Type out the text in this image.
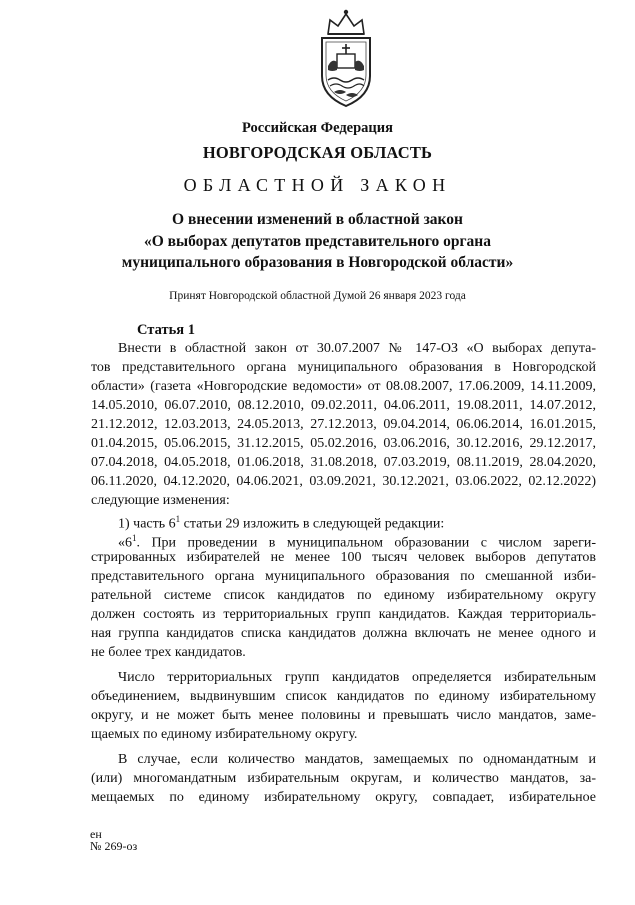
Российская Федерация
НОВГОРОДСКАЯ ОБЛАСТЬ
ОБЛАСТНОЙ ЗАКОН
О внесении изменений в областной закон
«О выборах депутатов представительного органа
муниципального образования в Новгородской области»
Принят Новгородской областной Думой 26 января 2023 года
Статья 1
Внести в областной закон от 30.07.2007 № 147-ОЗ «О выборах депута-
тов представительного органа муниципального образования в Новгородской
области» (газета «Новгородские ведомости» от 08.08.2007, 17.06.2009, 14.11.2009,
14.05.2010, 06.07.2010, 08.12.2010, 09.02.2011, 04.06.2011, 19.08.2011, 14.07.2012,
21.12.2012, 12.03.2013, 24.05.2013, 27.12.2013, 09.04.2014, 06.06.2014, 16.01.2015,
01.04.2015, 05.06.2015, 31.12.2015, 05.02.2016, 03.06.2016, 30.12.2016, 29.12.2017,
07.04.2018, 04.05.2018, 01.06.2018, 31.08.2018, 07.03.2019, 08.11.2019, 28.04.2020,
06.11.2020, 04.12.2020, 04.06.2021, 03.09.2021, 30.12.2021, 03.06.2022, 02.12.2022)
следующие изменения:
1) часть $6^1$ статьи 29 изложить в следующей редакции:
«$6^1$. При проведении в муниципальном образовании с числом зареги-
стрированных избирателей не менее 100 тысяч человек выборов депутатов
представительного органа муниципального образования по смешанной изби-
рательной системе список кандидатов по единому избирательному округу
должен состоять из территориальных групп кандидатов. Каждая территориаль-
ная группа кандидатов списка кандидатов должна включать не менее одного и
не более трех кандидатов.
Число территориальных групп кандидатов определяется избирательным
объединением, выдвинувшим список кандидатов по единому избирательному
округу, и не может быть менее половины и превышать число мандатов, заме-
щаемых по единому избирательному округу.
В случае, если количество мандатов, замещаемых по одномандатным и
(или) многомандатным избирательным округам, и количество мандатов, за-
мещаемых по единому избирательному округу, совпадает, избирательное
ен
№ 269-оз
